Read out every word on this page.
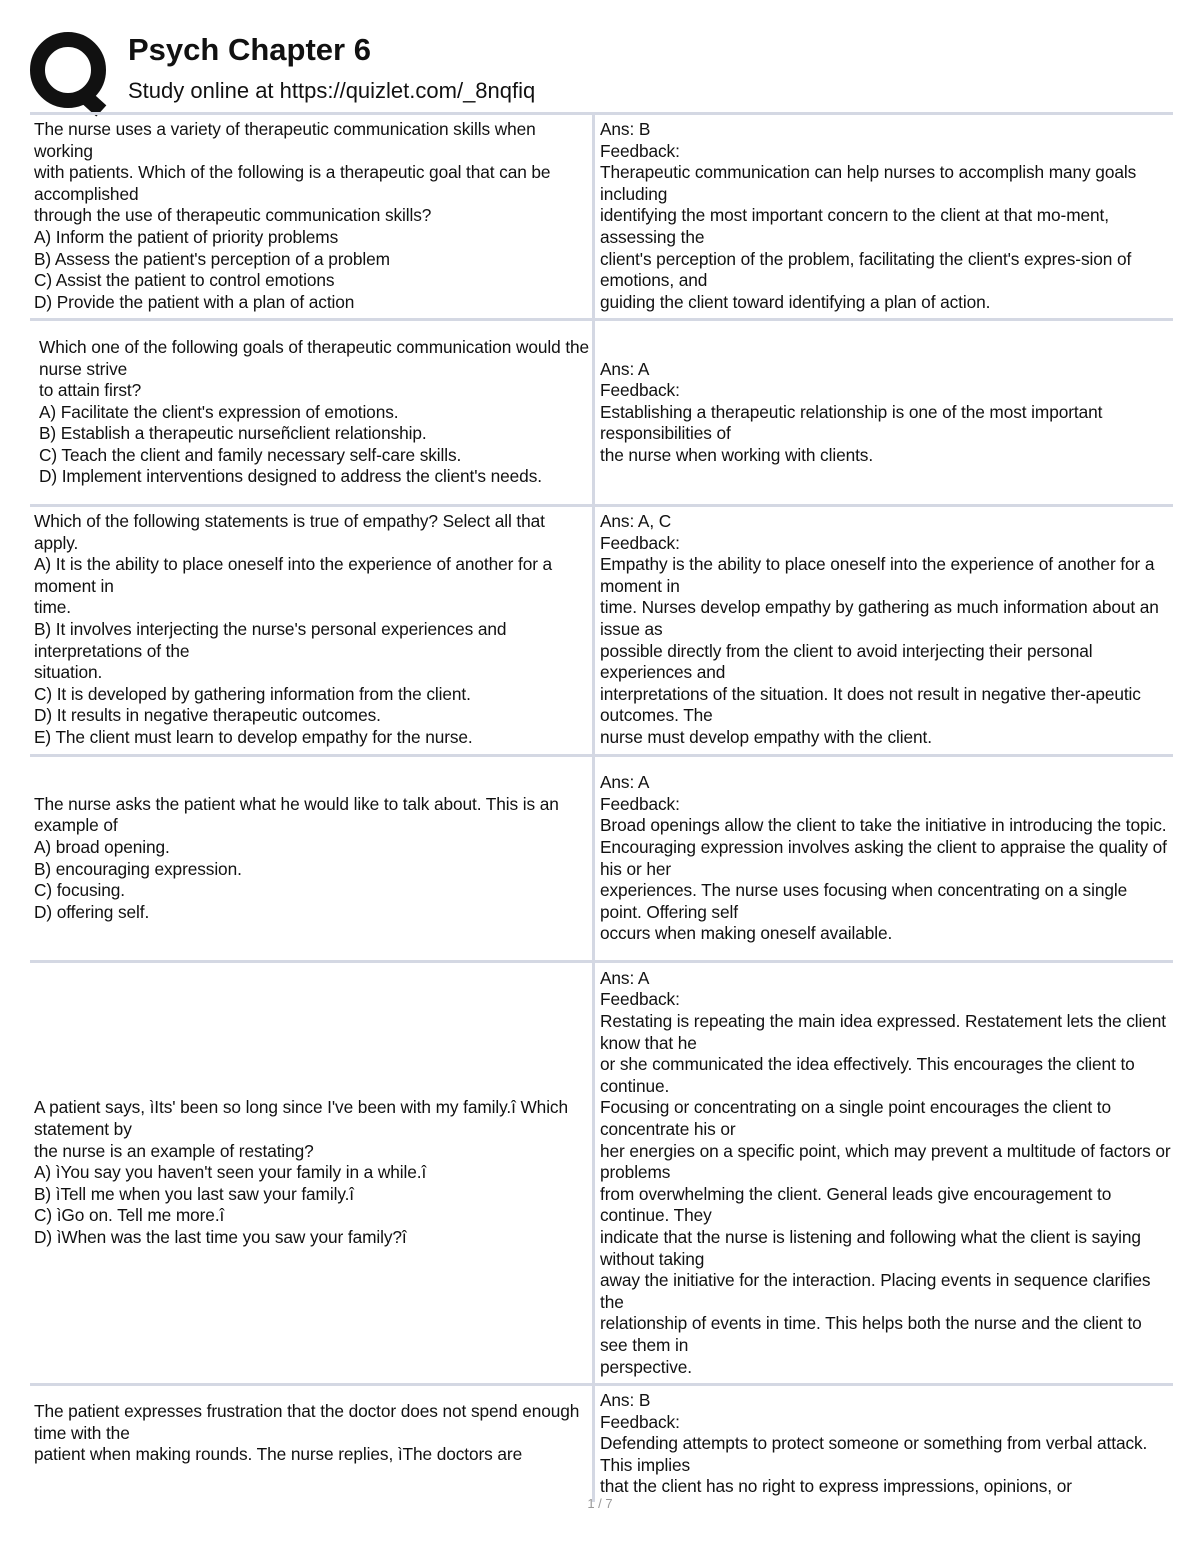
Psych Chapter 6
Study online at https://quizlet.com/_8nqfiq
The nurse uses a variety of therapeutic communication skills when working
with patients. Which of the following is a therapeutic goal that can be accomplished
through the use of therapeutic communication skills?
A) Inform the patient of priority problems
B) Assess the patient's perception of a problem
C) Assist the patient to control emotions
D) Provide the patient with a plan of action
Ans: B
Feedback:
Therapeutic communication can help nurses to accomplish many goals including
identifying the most important concern to the client at that mo-ment, assessing the
client's perception of the problem, facilitating the client's expres-sion of emotions, and
guiding the client toward identifying a plan of action.
Which one of the following goals of therapeutic communication would the nurse strive
to attain first?
A) Facilitate the client's expression of emotions.
B) Establish a therapeutic nurseñclient relationship.
C) Teach the client and family necessary self-care skills.
D) Implement interventions designed to address the client's needs.
Ans: A
Feedback:
Establishing a therapeutic relationship is one of the most important responsibilities of
the nurse when working with clients.
Which of the following statements is true of empathy? Select all that apply.
A) It is the ability to place oneself into the experience of another for a moment in
time.
B) It involves interjecting the nurse's personal experiences and interpretations of the
situation.
C) It is developed by gathering information from the client.
D) It results in negative therapeutic outcomes.
E) The client must learn to develop empathy for the nurse.
Ans: A, C
Feedback:
Empathy is the ability to place oneself into the experience of another for a moment in
time. Nurses develop empathy by gathering as much information about an issue as
possible directly from the client to avoid interjecting their personal experiences and
interpretations of the situation. It does not result in negative ther-apeutic outcomes. The
nurse must develop empathy with the client.
The nurse asks the patient what he would like to talk about. This is an example of
A) broad opening.
B) encouraging expression.
C) focusing.
D) offering self.
Ans: A
Feedback:
Broad openings allow the client to take the initiative in introducing the topic.
Encouraging expression involves asking the client to appraise the quality of his or her
experiences. The nurse uses focusing when concentrating on a single point. Offering self
occurs when making oneself available.
A patient says, ìIts' been so long since I've been with my family.î Which statement by
the nurse is an example of restating?
A) ìYou say you haven't seen your family in a while.î
B) ìTell me when you last saw your family.î
C) ìGo on. Tell me more.î
D) ìWhen was the last time you saw your family?î
Ans: A
Feedback:
Restating is repeating the main idea expressed. Restatement lets the client know that he
or she communicated the idea effectively. This encourages the client to continue.
Focusing or concentrating on a single point encourages the client to concentrate his or
her energies on a specific point, which may prevent a multitude of factors or problems
from overwhelming the client. General leads give encouragement to continue. They
indicate that the nurse is listening and following what the client is saying without taking
away the initiative for the interaction. Placing events in sequence clarifies the
relationship of events in time. This helps both the nurse and the client to see them in
perspective.
The patient expresses frustration that the doctor does not spend enough time with the
patient when making rounds. The nurse replies, ìThe doctors are
Ans: B
Feedback:
Defending attempts to protect someone or something from verbal attack. This implies
that the client has no right to express impressions, opinions, or
1 / 7
